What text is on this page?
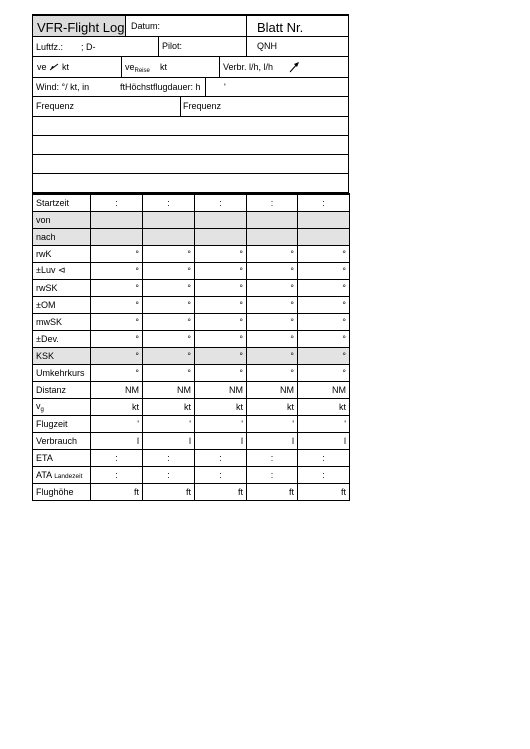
VFR-Flight Log Datum:	Blatt Nr.
Luftfz.: ; D-	Pilot:	QNH
ve	kt	$ve_{Reise}$ kt	Verbr. l/h, l/h
Wind: °/ kt, in	ftHöchstflugdauer: h	'
Frequenz	Frequenz
Startzeit	:	:	:	:	:
von					
nach					
rwK	°	°	°	°	°
±Luv ⊲	°	°	°	°	°
rwSK	°	°	°	°	°
±OM	°	°	°	°	°
mwSK	°	°	°	°	°
±Dev.	°	°	°	°	°
KSK	°	°	°	°	°
Umkehrkurs	°	°	°	°	°
Distanz	NM	NM	NM	NM	NM
$v_g$	kt	kt	kt	kt	kt
Flugzeit	'	'	'	'	'
Verbrauch	l	l	l	l	l
ETA	:	:	:	:	:
ATA Landezeit	:	:	:	:	:
Flughöhe	ft	ft	ft	ft	ft
